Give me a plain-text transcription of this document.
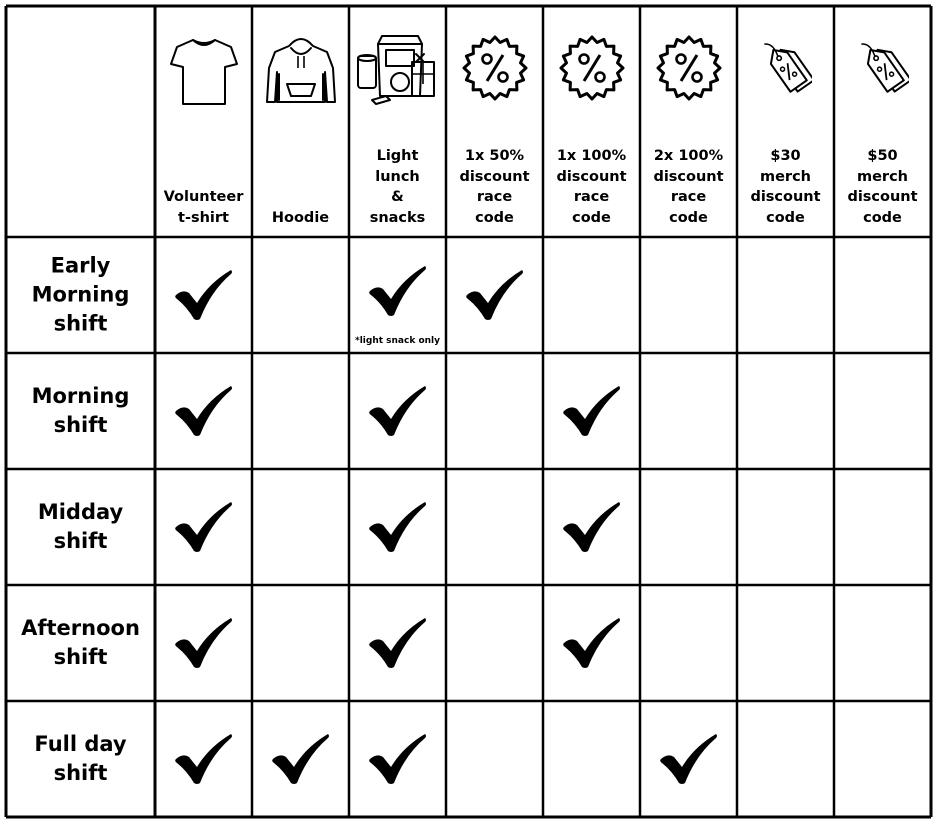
Volunteer
t-shirt	Hoodie
Light
lunch
&
snacks
1x 50%
discount
race
code
1x 100%
discount
race
code
2x 100%
discount
race
code
$30
merch
discount
code
$50
merch
discount
code
Early
Morning
shift
*light snack only
Morning
shift
Midday
shift
Afternoon
shift
Full day
shift
